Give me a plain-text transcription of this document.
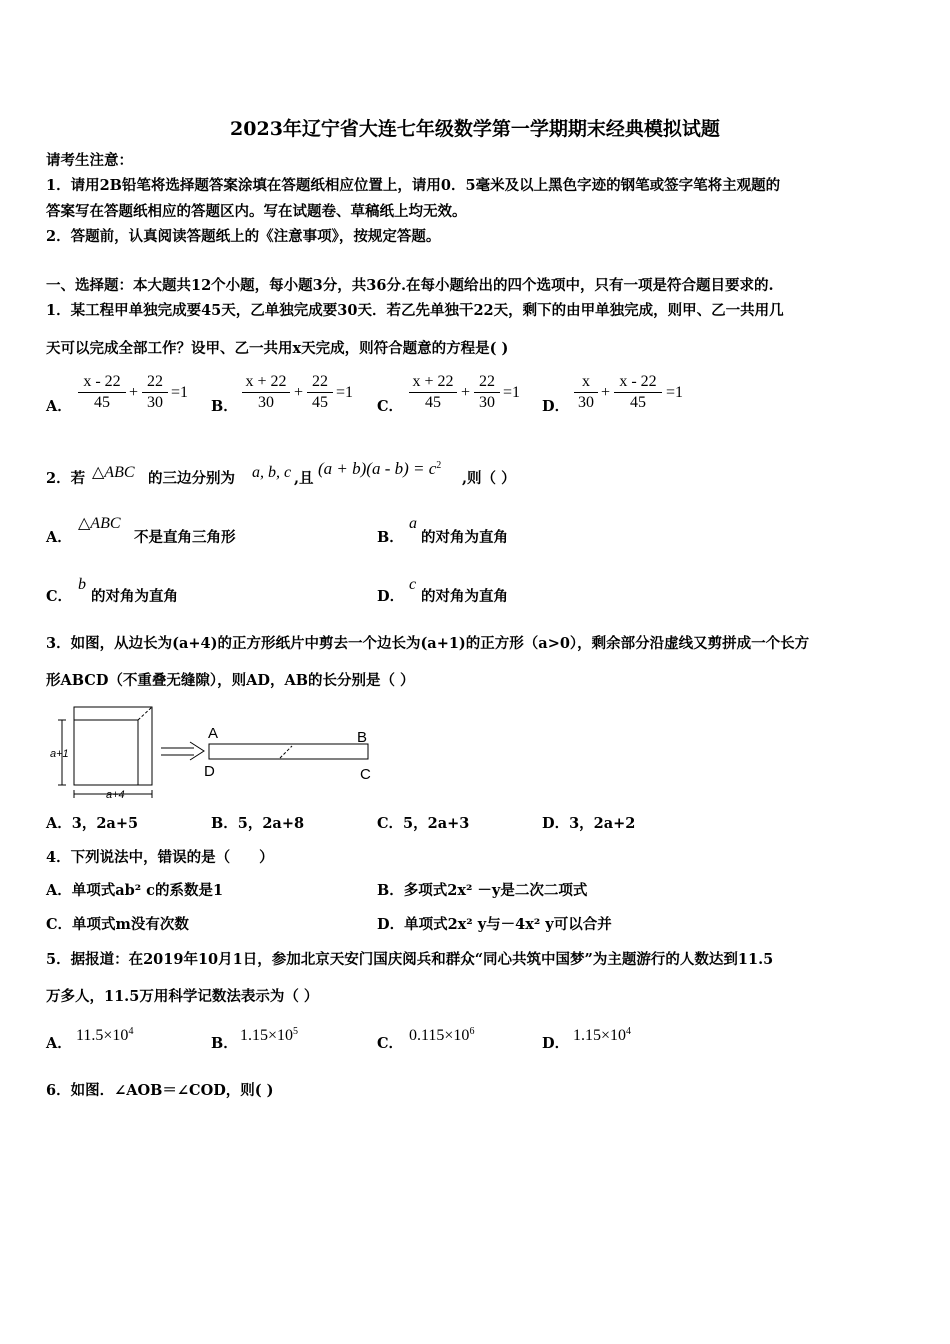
2023年辽宁省大连七年级数学第一学期期末经典模拟试题
请考生注意：
1．请用2B铅笔将选择题答案涂填在答题纸相应位置上，请用0．5毫米及以上黑色字迹的钢笔或签字笔将主观题的
答案写在答题纸相应的答题区内。写在试题卷、草稿纸上均无效。
2．答题前，认真阅读答题纸上的《注意事项》，按规定答题。
一、选择题：本大题共12个小题，每小题3分，共36分.在每小题给出的四个选项中，只有一项是符合题目要求的.
1．某工程甲单独完成要45天，乙单独完成要30天．若乙先单独干22天，剩下的由甲单独完成，则甲、乙一共用几
天可以完成全部工作？设甲、乙一共用x天完成，则符合题意的方程是( )
A． $\frac{x - 22}{45} + \frac{22}{30} =1$
B． $\frac{x + 22}{30} + \frac{22}{45} =1$
C． $\frac{x + 22}{45} + \frac{22}{30} =1$
D． $\frac{x}{30} + \frac{x - 22}{45} =1$
2．若 △ABC 的三边分别为 a, b, c ,且
$(a + b)(a - b) = c^2$
,则（ ）
A．
△ABC
不是直角三角形	B．
a
的对角为直角
C．
b
的对角为直角	D．
c
的对角为直角
3．如图，从边长为(a+4)的正方形纸片中剪去一个边长为(a+1)的正方形（a>0），剩余部分沿虚线又剪拼成一个长方
形ABCD（不重叠无缝隙），则AD，AB的长分别是（ ）
a+1
a+4
A	B
C
D
A．3，2a+5	B．5，2a+8	C．5，2a+3	D．3，2a+2
4．下列说法中，错误的是（　　）
A．单项式ab² c的系数是1	B．多项式2x² －y是二次二项式
C．单项式m没有次数	D．单项式2x² y与－4x² y可以合并
5．据报道：在2019年10月1日，参加北京天安门国庆阅兵和群众“同心共筑中国梦”为主题游行的人数达到11.5
万多人，11.5万用科学记数法表示为（ ）
A． $11.5\times 10^4$
B． $1.15\times 10^5$
C． $0.115\times 10^6$
D． $1.15\times 10^4$
6．如图．∠AOB＝∠COD，则( )
